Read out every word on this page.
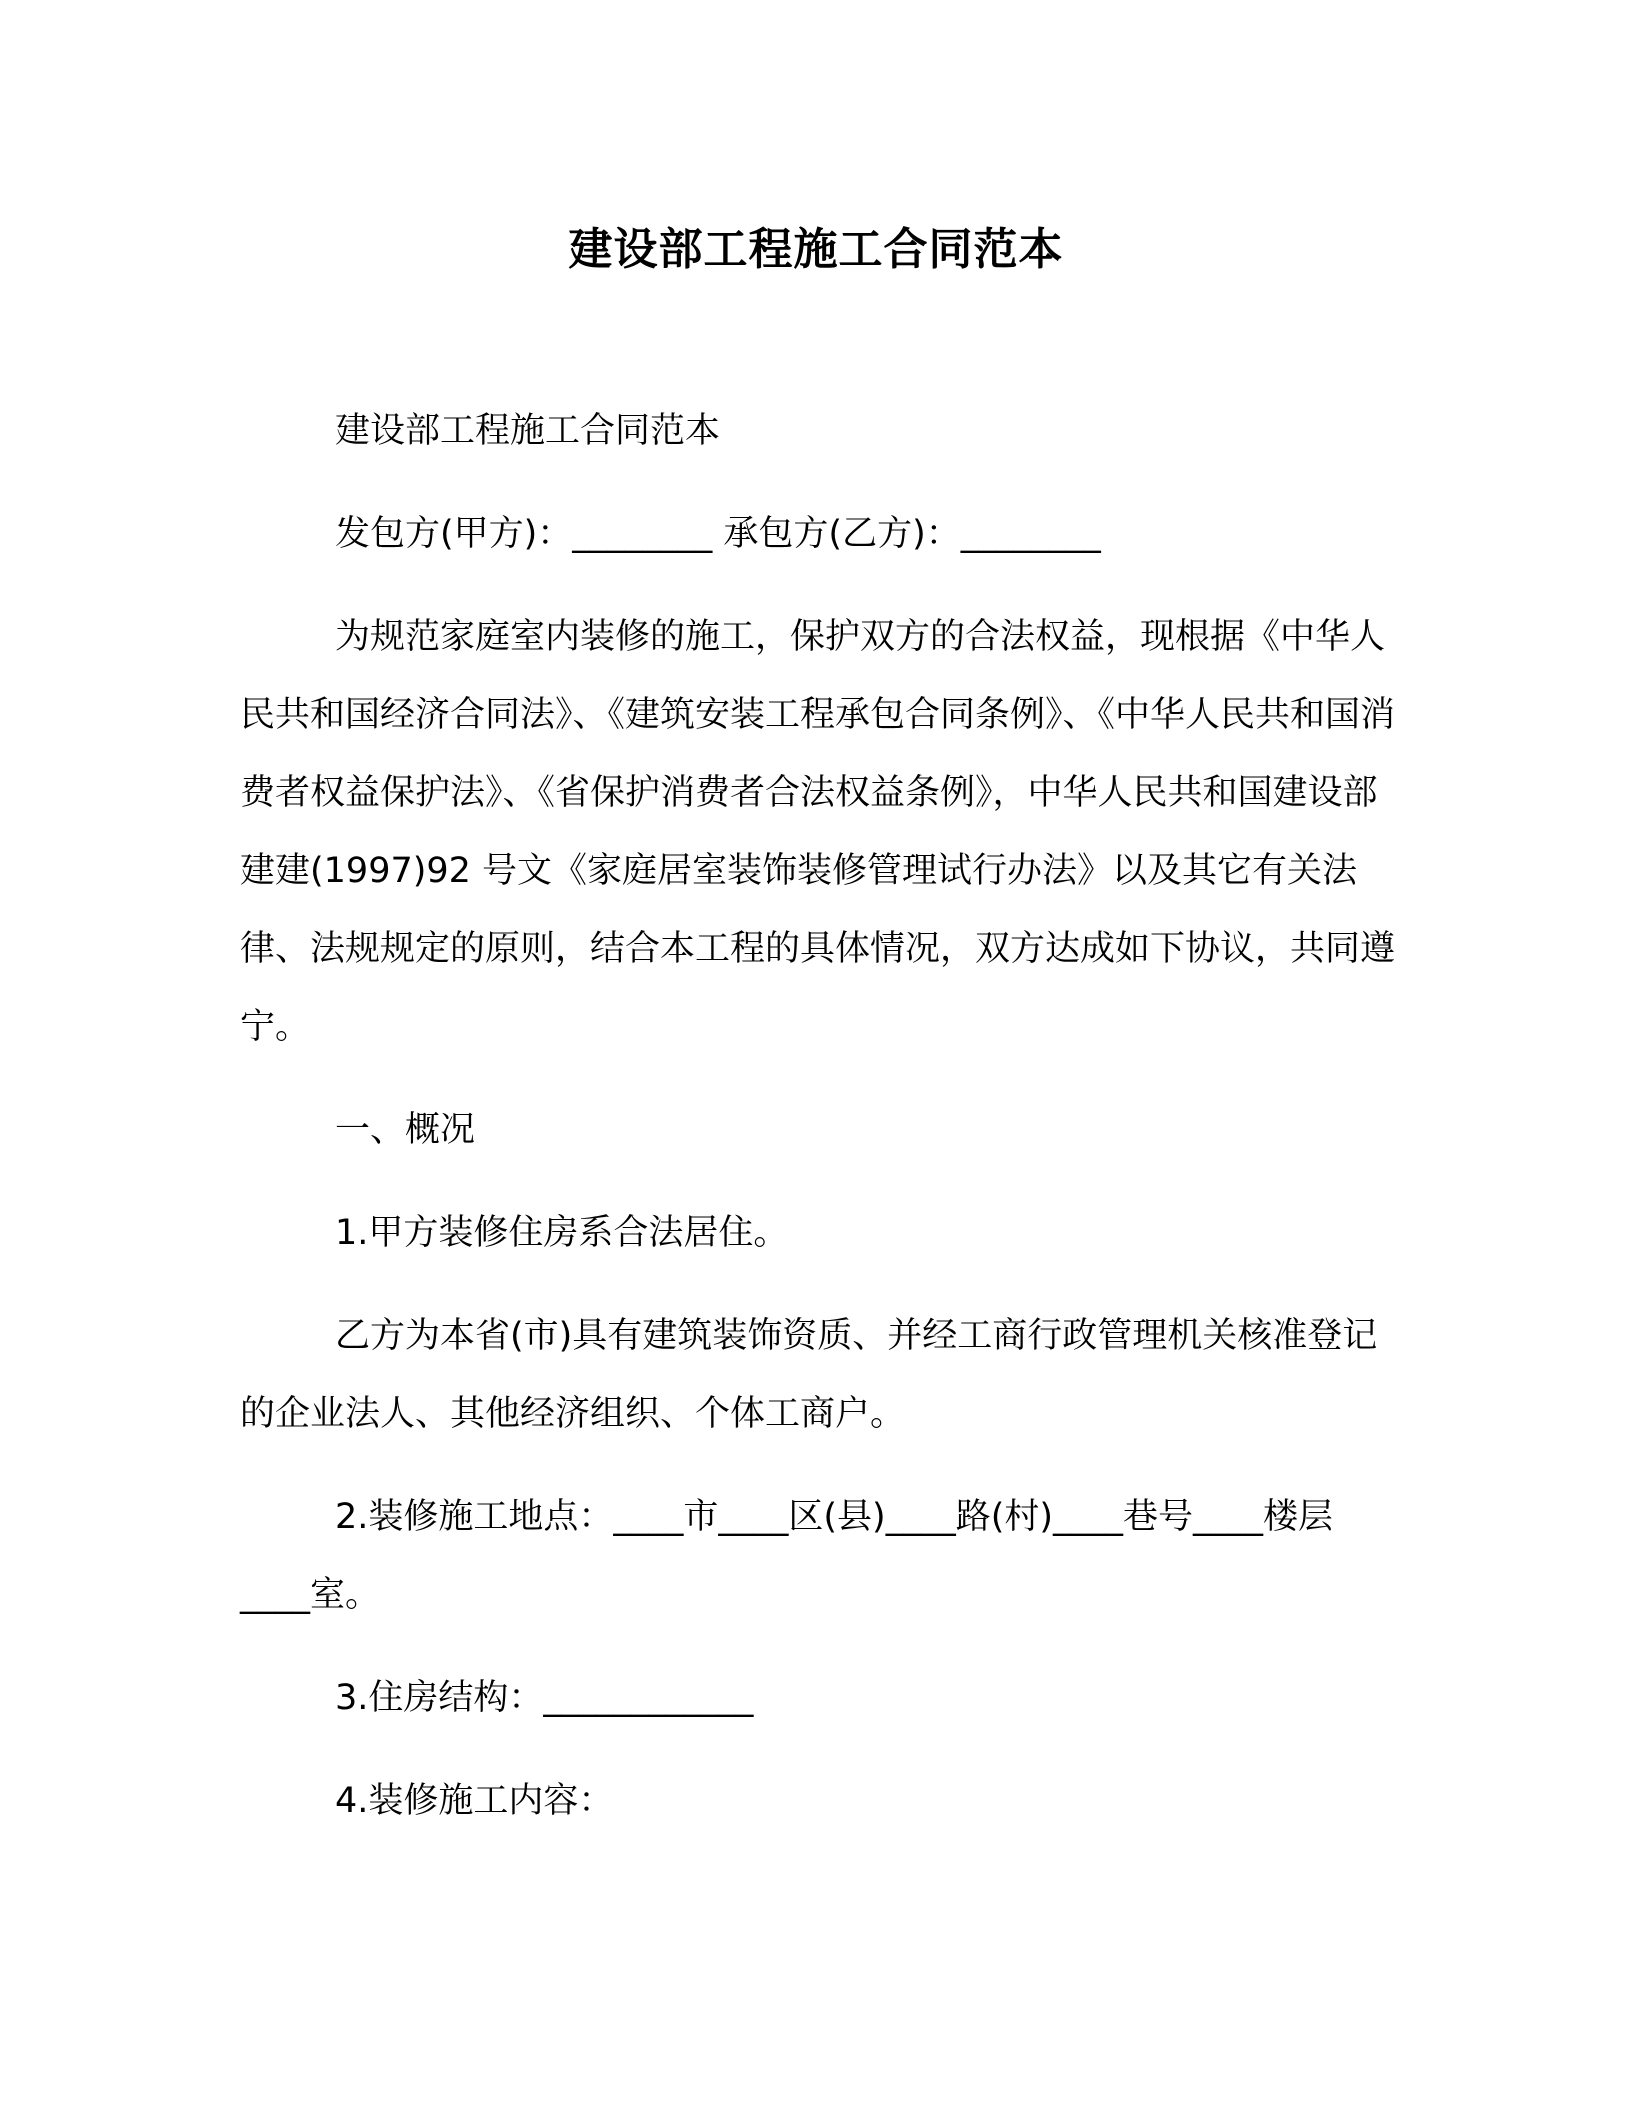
建设部工程施工合同范本

建设部工程施工合同范本

发包方(甲方)：________ 承包方(乙方)：________

为规范家庭室内装修的施工，保护双方的合法权益，现根据《中华人民共和国经济合同法》、《建筑安装工程承包合同条例》、《中华人民共和国消费者权益保护法》、《省保护消费者合法权益条例》，中华人民共和国建设部建建(1997)92 号文《家庭居室装饰装修管理试行办法》以及其它有关法律、法规规定的原则，结合本工程的具体情况，双方达成如下协议，共同遵宁。

一、概况

1.甲方装修住房系合法居住。

乙方为本省(市)具有建筑装饰资质、并经工商行政管理机关核准登记的企业法人、其他经济组织、个体工商户。

2.装修施工地点：____市____区(县)____路(村)____巷号____楼层____室。

3.住房结构：____________

4.装修施工内容：
